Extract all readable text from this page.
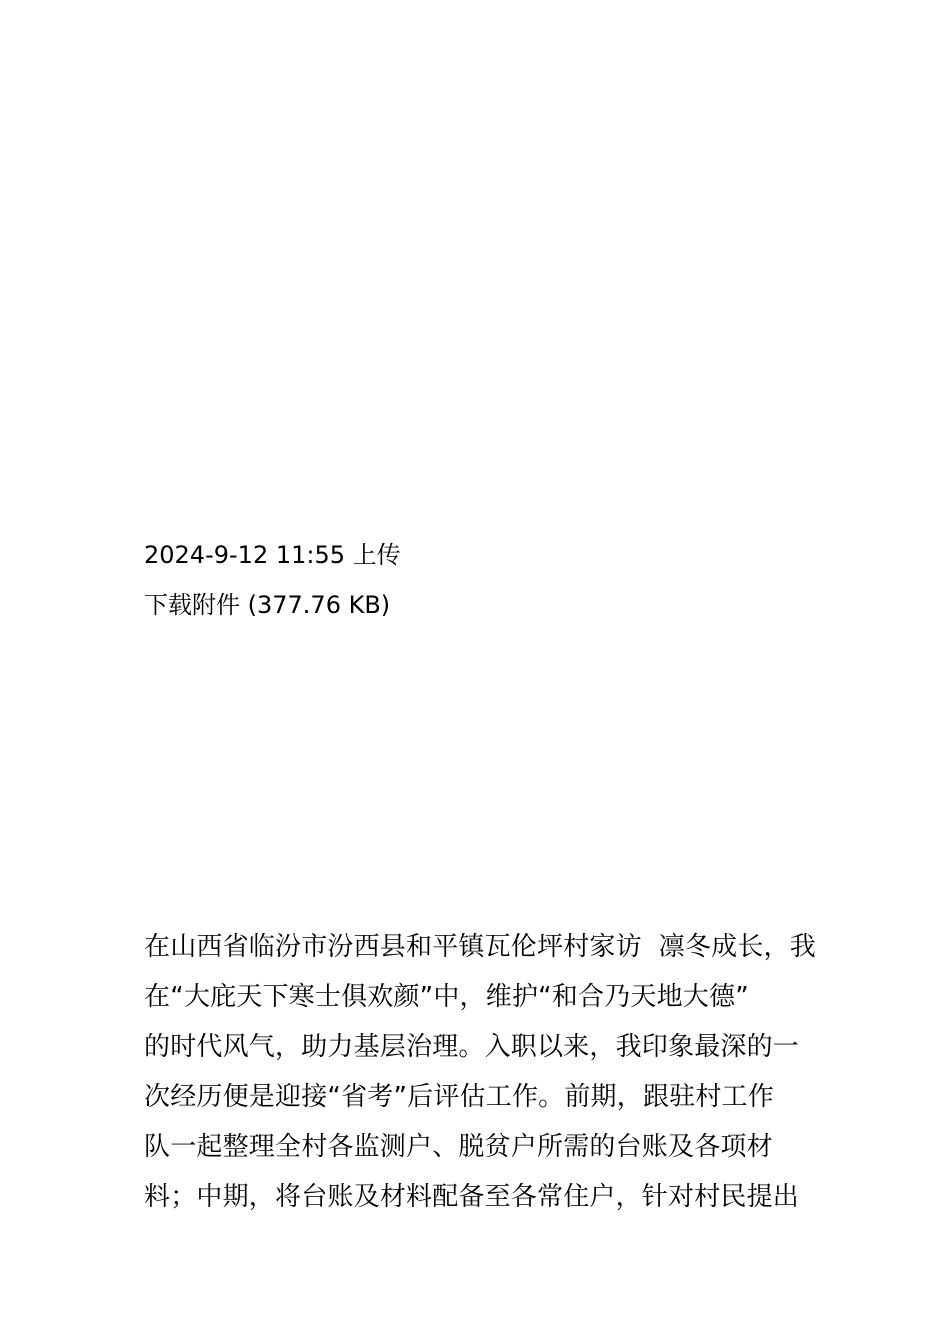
2024-9-12 11:55 上传
下载附件 (377.76 KB)
在山西省临汾市汾西县和平镇瓦伦坪村家访  凛冬成长，我
在“大庇天下寒士俱欢颜”中，维护“和合乃天地大德”
的时代风气，助力基层治理。入职以来，我印象最深的一
次经历便是迎接“省考”后评估工作。前期，跟驻村工作
队一起整理全村各监测户、脱贫户所需的台账及各项材
料；中期，将台账及材料配备至各常住户，针对村民提出
